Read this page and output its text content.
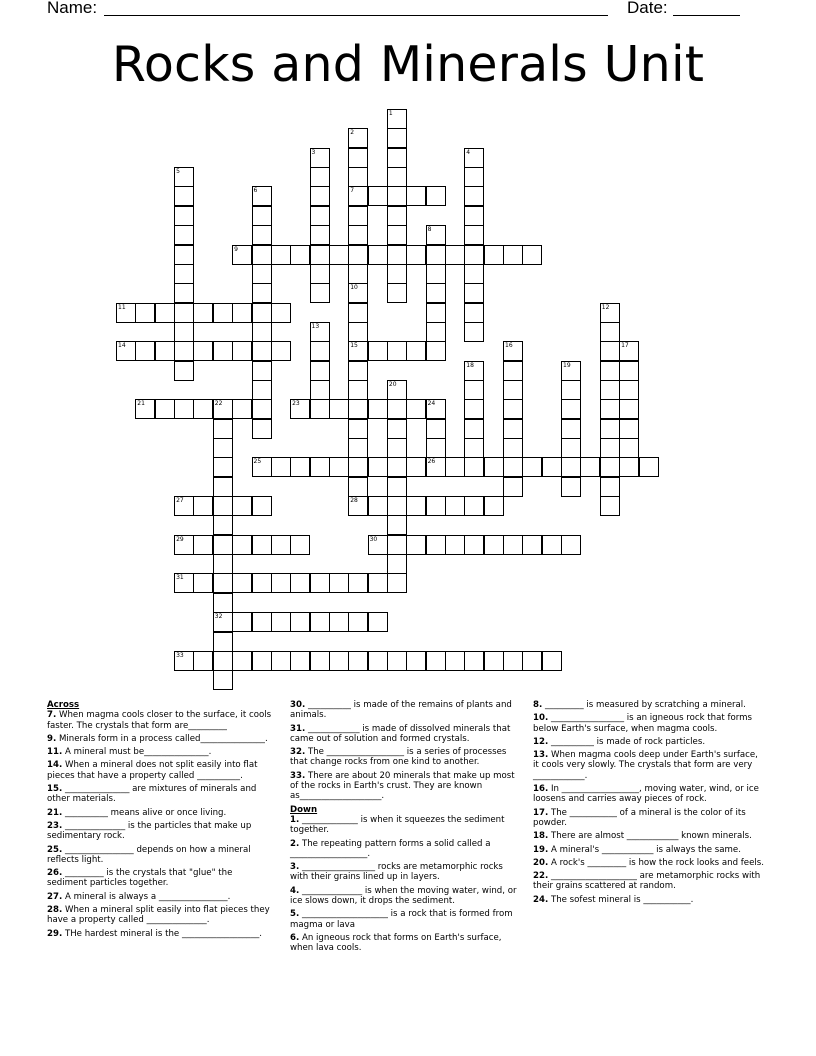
Name:	Date:
Rocks and Minerals Unit
7
9
11
14	15
21	22	23	24
25	26
27	28
29	30
31
32
33
1
2
3	4
5
6
8
10
12
13
16	17
18	19
20
Across
7. When magma cools closer to the surface, it cools faster. The crystals that form are_________
9. Minerals form in a process called_______________.
11. A mineral must be_______________.
14. When a mineral does not split easily into flat pieces that have a property called __________.
15. _______________ are mixtures of minerals and other materials.
21. __________ means alive or once living.
23. ______________ is the particles that make up sedimentary rock.
25. ________________ depends on how a mineral reflects light.
26. _________ is the crystals that "glue" the sediment particles together.
27. A mineral is always a ________________.
28. When a mineral split easily into flat pieces they have a property called ______________.
29. THe hardest mineral is the __________________.
30. __________ is made of the remains of plants and animals.
31. ____________ is made of dissolved minerals that came out of solution and formed crystals.
32. The __________________ is a series of processes that change rocks from one kind to another.
33. There are about 20 minerals that make up most of the rocks in Earth's crust. They are known as___________________.
Down
1. _____________ is when it squeezes the sediment together.
2. The repeating pattern forms a solid called a __________________.
3. _________________ rocks are metamorphic rocks with their grains lined up in layers.
4. ______________ is when the moving water, wind, or ice slows down, it drops the sediment.
5. ____________________ is a rock that is formed from magma or lava
6. An igneous rock that forms on Earth's surface, when lava cools.
8. _________ is measured by scratching a mineral.
10. _________________ is an igneous rock that forms below Earth's surface, when magma cools.
12. __________ is made of rock particles.
13. When magma cools deep under Earth's surface, it cools very slowly. The crystals that form are very ____________.
16. In __________________, moving water, wind, or ice loosens and carries away pieces of rock.
17. The ___________ of a mineral is the color of its powder.
18. There are almost ____________ known minerals.
19. A mineral's ____________ is always the same.
20. A rock's _________ is how the rock looks and feels.
22. ____________________ are metamorphic rocks with their grains scattered at random.
24. The sofest mineral is ___________.
